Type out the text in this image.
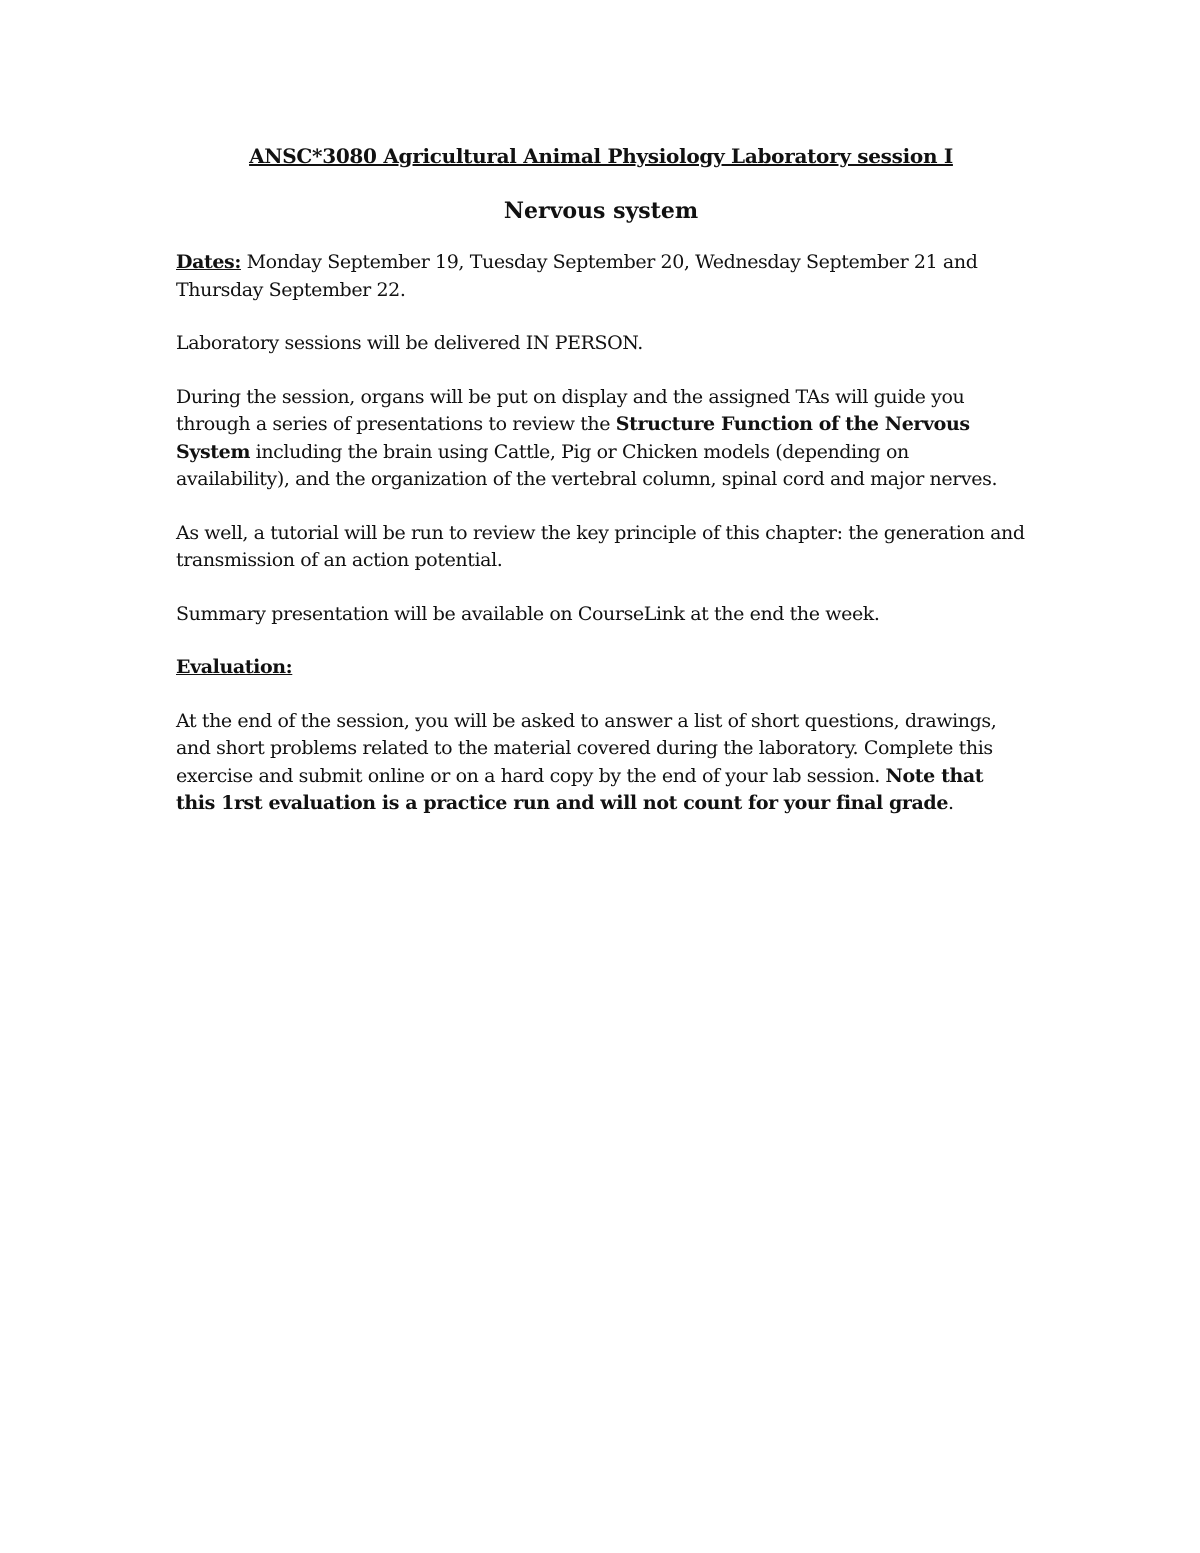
ANSC*3080 Agricultural Animal Physiology Laboratory session I
Nervous system

Dates: Monday September 19, Tuesday September 20, Wednesday September 21 and Thursday September 22.

Laboratory sessions will be delivered IN PERSON.

During the session, organs will be put on display and the assigned TAs will guide you through a series of presentations to review the Structure Function of the Nervous System including the brain using Cattle, Pig or Chicken models (depending on availability), and the organization of the vertebral column, spinal cord and major nerves.

As well, a tutorial will be run to review the key principle of this chapter: the generation and transmission of an action potential.

Summary presentation will be available on CourseLink at the end the week.

Evaluation:

At the end of the session, you will be asked to answer a list of short questions, drawings, and short problems related to the material covered during the laboratory. Complete this exercise and submit online or on a hard copy by the end of your lab session. Note that this 1rst evaluation is a practice run and will not count for your final grade.
